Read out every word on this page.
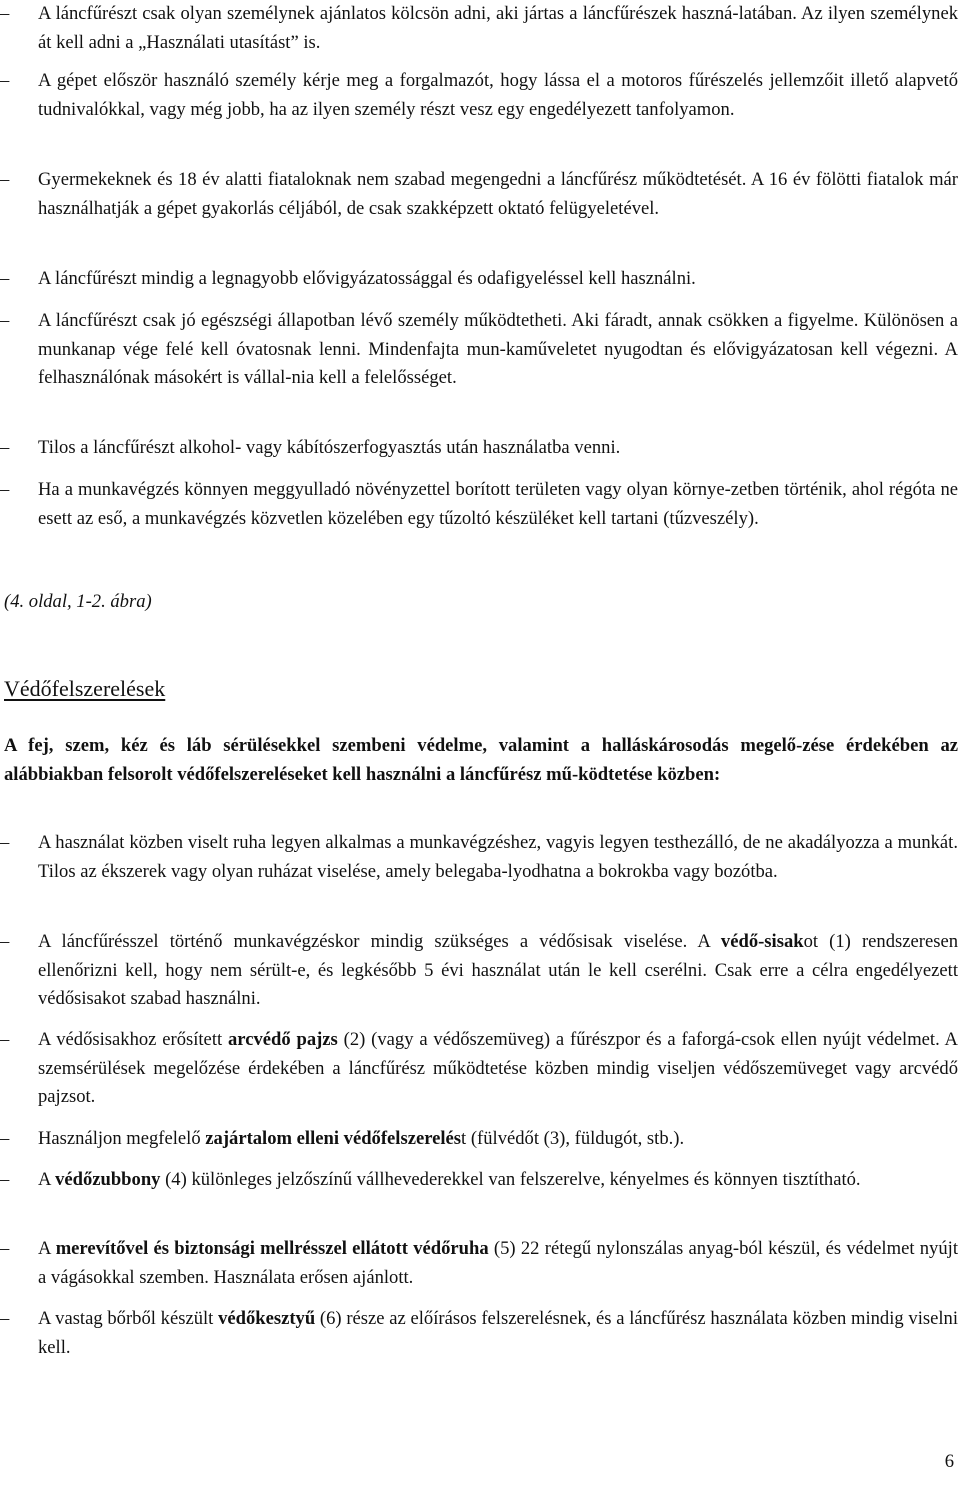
–	A láncfűrészt csak olyan személynek ajánlatos kölcsön adni, aki jártas a láncfűrészek haszná-latában. Az ilyen személynek át kell adni a „Használati utasítást” is.
–	A gépet először használó személy kérje meg a forgalmazót, hogy lássa el a motoros fűrészelés jellemzőit illető alapvető tudnivalókkal, vagy még jobb, ha az ilyen személy részt vesz egy engedélyezett tanfolyamon.
–	Gyermekeknek és 18 év alatti fiataloknak nem szabad megengedni a láncfűrész működtetését. A 16 év fölötti fiatalok már használhatják a gépet gyakorlás céljából, de csak szakképzett oktató felügyeletével.
–	A láncfűrészt mindig a legnagyobb elővigyázatossággal és odafigyeléssel kell használni.
–	A láncfűrészt csak jó egészségi állapotban lévő személy működtetheti. Aki fáradt, annak csökken a figyelme. Különösen a munkanap vége felé kell óvatosnak lenni. Mindenfajta mun-kaműveletet nyugodtan és elővigyázatosan kell végezni. A felhasználónak másokért is vállal-nia kell a felelősséget.
–	Tilos a láncfűrészt alkohol- vagy kábítószerfogyasztás után használatba venni.
–	Ha a munkavégzés könnyen meggyulladó növényzettel borított területen vagy olyan környe-zetben történik, ahol régóta ne esett az eső, a munkavégzés közvetlen közelében egy tűzoltó készüléket kell tartani (tűzveszély).
(4. oldal, 1-2. ábra)
Védőfelszerelések
A fej, szem, kéz és láb sérülésekkel szembeni védelme, valamint a halláskárosodás megelő-zése érdekében az alábbiakban felsorolt védőfelszereléseket kell használni a láncfűrész mű-ködtetése közben:
–	A használat közben viselt ruha legyen alkalmas a munkavégzéshez, vagyis legyen testhezálló, de ne akadályozza a munkát. Tilos az ékszerek vagy olyan ruházat viselése, amely belegaba-lyodhatna a bokrokba vagy bozótba.
–	A láncfűrésszel történő munkavégzéskor mindig szükséges a védősisak viselése. A védő-sisakot (1) rendszeresen ellenőrizni kell, hogy nem sérült-e, és legkésőbb 5 évi használat után le kell cserélni. Csak erre a célra engedélyezett védősisakot szabad használni.
–	A védősisakhoz erősített arcvédő pajzs (2) (vagy a védőszemüveg) a fűrészpor és a faforgá-csok ellen nyújt védelmet. A szemsérülések megelőzése érdekében a láncfűrész működtetése közben mindig viseljen védőszemüveget vagy arcvédő pajzsot.
–	Használjon megfelelő zajártalom elleni védőfelszerelést (fülvédőt (3), füldugót, stb.).
–	A védőzubbony (4) különleges jelzőszínű vállhevederekkel van felszerelve, kényelmes és könnyen tisztítható.
–	A merevítővel és biztonsági mellrésszel ellátott védőruha (5) 22 rétegű nylonszálas anyag-ból készül, és védelmet nyújt a vágásokkal szemben. Használata erősen ajánlott.
–	A vastag bőrből készült védőkesztyű (6) része az előírásos felszerelésnek, és a láncfűrész használata közben mindig viselni kell.
6
